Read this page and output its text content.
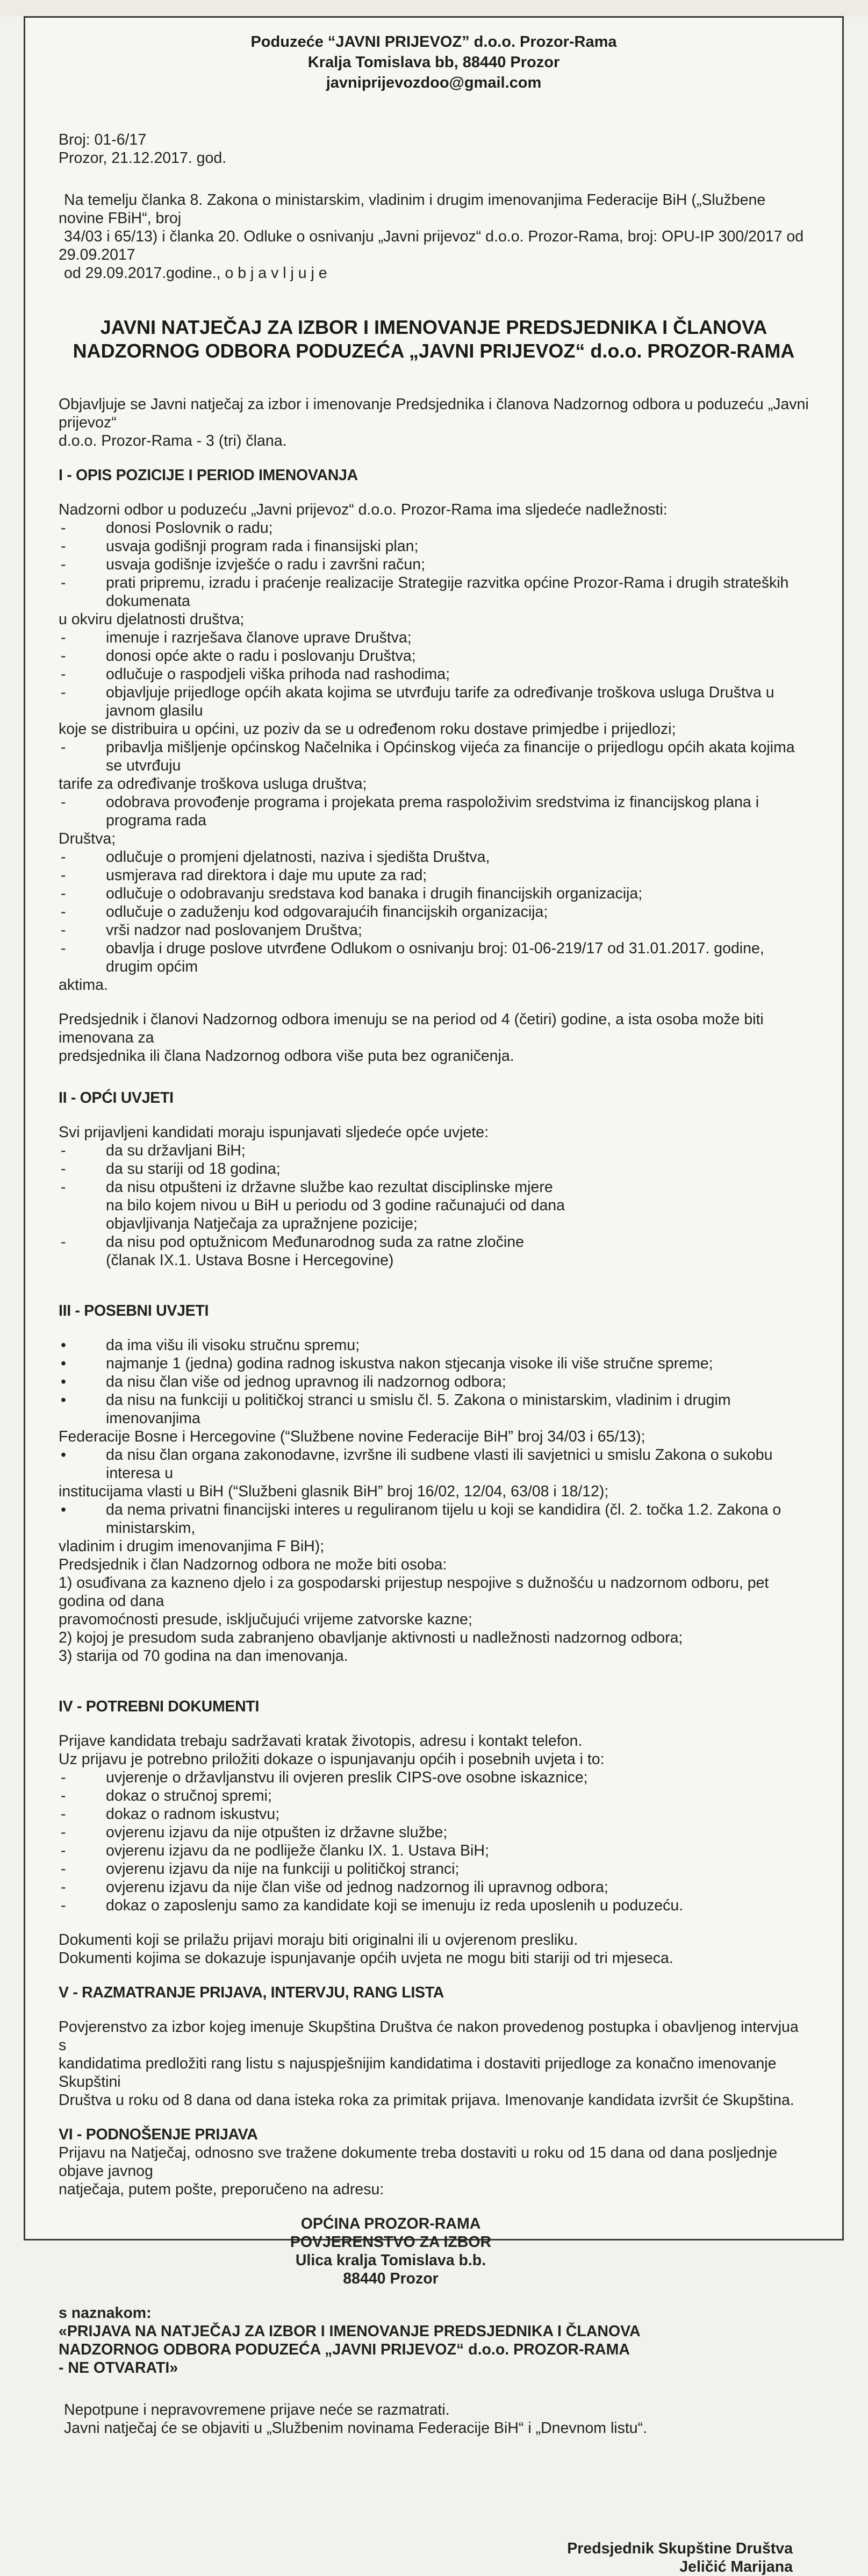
Poduzeće “JAVNI PRIJEVOZ” d.o.o. Prozor-Rama
Kralja Tomislava bb, 88440 Prozor
javniprijevozdoo@gmail.com

Broj: 01-6/17

Prozor, 21.12.2017. god.

Na temelju članka 8. Zakona o ministarskim, vladinim i drugim imenovanjima Federacije BiH („Službene novine FBiH“, broj

34/03 i 65/13) i članka 20. Odluke o osnivanju „Javni prijevoz“ d.o.o. Prozor-Rama, broj: OPU-IP 300/2017 od 29.09.2017

od 29.09.2017.godine., o b j a v l j u j e

JAVNI NATJEČAJ ZA IZBOR I IMENOVANJE PREDSJEDNIKA I ČLANOVA
NADZORNOG ODBORA PODUZEĆA „JAVNI PRIJEVOZ“ d.o.o. PROZOR-RAMA

Objavljuje se Javni natječaj za izbor i imenovanje Predsjednika i članova Nadzornog odbora u poduzeću „Javni prijevoz“

d.o.o. Prozor-Rama - 3 (tri) člana.

I - OPIS POZICIJE I PERIOD IMENOVANJA

Nadzorni odbor u poduzeću „Javni prijevoz“ d.o.o. Prozor-Rama ima sljedeće nadležnosti:

- donosi Poslovnik o radu;
- usvaja godišnji program rada i finansijski plan;
- usvaja godišnje izvješće o radu i završni račun;
- prati pripremu, izradu i praćenje realizacije Strategije razvitka općine Prozor-Rama i drugih strateških dokumenata
u okviru djelatnosti društva;
- imenuje i razrješava članove uprave Društva;
- donosi opće akte o radu i poslovanju Društva;
- odlučuje o raspodjeli viška prihoda nad rashodima;
- objavljuje prijedloge općih akata kojima se utvrđuju tarife za određivanje troškova usluga Društva u javnom glasilu
koje se distribuira u općini, uz poziv da se u određenom roku dostave primjedbe i prijedlozi;
- pribavlja mišljenje općinskog Načelnika i Općinskog vijeća za financije o prijedlogu općih akata kojima se utvrđuju
tarife za određivanje troškova usluga društva;
- odobrava provođenje programa i projekata prema raspoloživim sredstvima iz financijskog plana i programa rada
Društva;
- odlučuje o promjeni djelatnosti, naziva i sjedišta Društva,
- usmjerava rad direktora i daje mu upute za rad;
- odlučuje o odobravanju sredstava kod banaka i drugih financijskih organizacija;
- odlučuje o zaduženju kod odgovarajućih financijskih organizacija;
- vrši nadzor nad poslovanjem Društva;
- obavlja i druge poslove utvrđene Odlukom o osnivanju broj: 01-06-219/17 od 31.01.2017. godine, drugim općim
aktima.

Predsjednik i članovi Nadzornog odbora imenuju se na period od 4 (četiri) godine, a ista osoba može biti imenovana za

predsjednika ili člana Nadzornog odbora više puta bez ograničenja.

II - OPĆI UVJETI

Svi prijavljeni kandidati moraju ispunjavati sljedeće opće uvjete:

- da su državljani BiH;
- da su stariji od 18 godina;
- da nisu otpušteni iz državne službe kao rezultat disciplinske mjere
na bilo kojem nivou u BiH u periodu od 3 godine računajući od dana
objavljivanja Natječaja za upražnjene pozicije;
- da nisu pod optužnicom Međunarodnog suda za ratne zločine
(članak IX.1. Ustava Bosne i Hercegovine)

III - POSEBNI UVJETI

• da ima višu ili visoku stručnu spremu;
• najmanje 1 (jedna) godina radnog iskustva nakon stjecanja visoke ili više stručne spreme;
• da nisu član više od jednog upravnog ili nadzornog odbora;
• da nisu na funkciji u političkoj stranci u smislu čl. 5. Zakona o ministarskim, vladinim i drugim imenovanjima
Federacije Bosne i Hercegovine (“Službene novine Federacije BiH” broj 34/03 i 65/13);
• da nisu član organa zakonodavne, izvršne ili sudbene vlasti ili savjetnici u smislu Zakona o sukobu interesa u
institucijama vlasti u BiH (“Službeni glasnik BiH” broj 16/02, 12/04, 63/08 i 18/12);
• da nema privatni financijski interes u reguliranom tijelu u koji se kandidira (čl. 2. točka 1.2. Zakona o ministarskim,
vladinim i drugim imenovanjima F BiH);

Predsjednik i član Nadzornog odbora ne može biti osoba:

1) osuđivana za kazneno djelo i za gospodarski prijestup nespojive s dužnošću u nadzornom odboru, pet godina od dana

pravomoćnosti presude, isključujući vrijeme zatvorske kazne;

2) kojoj je presudom suda zabranjeno obavljanje aktivnosti u nadležnosti nadzornog odbora;

3) starija od 70 godina na dan imenovanja.

IV - POTREBNI DOKUMENTI

Prijave kandidata trebaju sadržavati kratak životopis, adresu i kontakt telefon.

Uz prijavu je potrebno priložiti dokaze o ispunjavanju općih i posebnih uvjeta i to:

- uvjerenje o državljanstvu ili ovjeren preslik CIPS-ove osobne iskaznice;
- dokaz o stručnoj spremi;
- dokaz o radnom iskustvu;
- ovjerenu izjavu da nije otpušten iz državne službe;
- ovjerenu izjavu da ne podliježe članku IX. 1. Ustava BiH;
- ovjerenu izjavu da nije na funkciji u političkoj stranci;
- ovjerenu izjavu da nije član više od jednog nadzornog ili upravnog odbora;
- dokaz o zaposlenju samo za kandidate koji se imenuju iz reda uposlenih u poduzeću.

Dokumenti koji se prilažu prijavi moraju biti originalni ili u ovjerenom presliku.

Dokumenti kojima se dokazuje ispunjavanje općih uvjeta ne mogu biti stariji od tri mjeseca.

V - RAZMATRANJE PRIJAVA, INTERVJU, RANG LISTA

Povjerenstvo za izbor kojeg imenuje Skupština Društva će nakon provedenog postupka i obavljenog intervjua s

kandidatima predložiti rang listu s najuspješnijim kandidatima i dostaviti prijedloge za konačno imenovanje Skupštini

Društva u roku od 8 dana od dana isteka roka za primitak prijava. Imenovanje kandidata izvršit će Skupština.

VI - PODNOŠENJE PRIJAVA

Prijavu na Natječaj, odnosno sve tražene dokumente treba dostaviti u roku od 15 dana od dana posljednje objave javnog

natječaja, putem pošte, preporučeno na adresu:

OPĆINA PROZOR-RAMA
POVJERENSTVO ZA IZBOR
Ulica kralja Tomislava b.b.
88440 Prozor

s naznakom:

«PRIJAVA NA NATJEČAJ ZA IZBOR I IMENOVANJE PREDSJEDNIKA I ČLANOVA

NADZORNOG ODBORA PODUZEĆA „JAVNI PRIJEVOZ“ d.o.o. PROZOR-RAMA

- NE OTVARATI»

Nepotpune i nepravovremene prijave neće se razmatrati.

Javni natječaj će se objaviti u „Službenim novinama Federacije BiH“ i „Dnevnom listu“.

Predsjednik Skupštine Društva
Jeličić Marijana
